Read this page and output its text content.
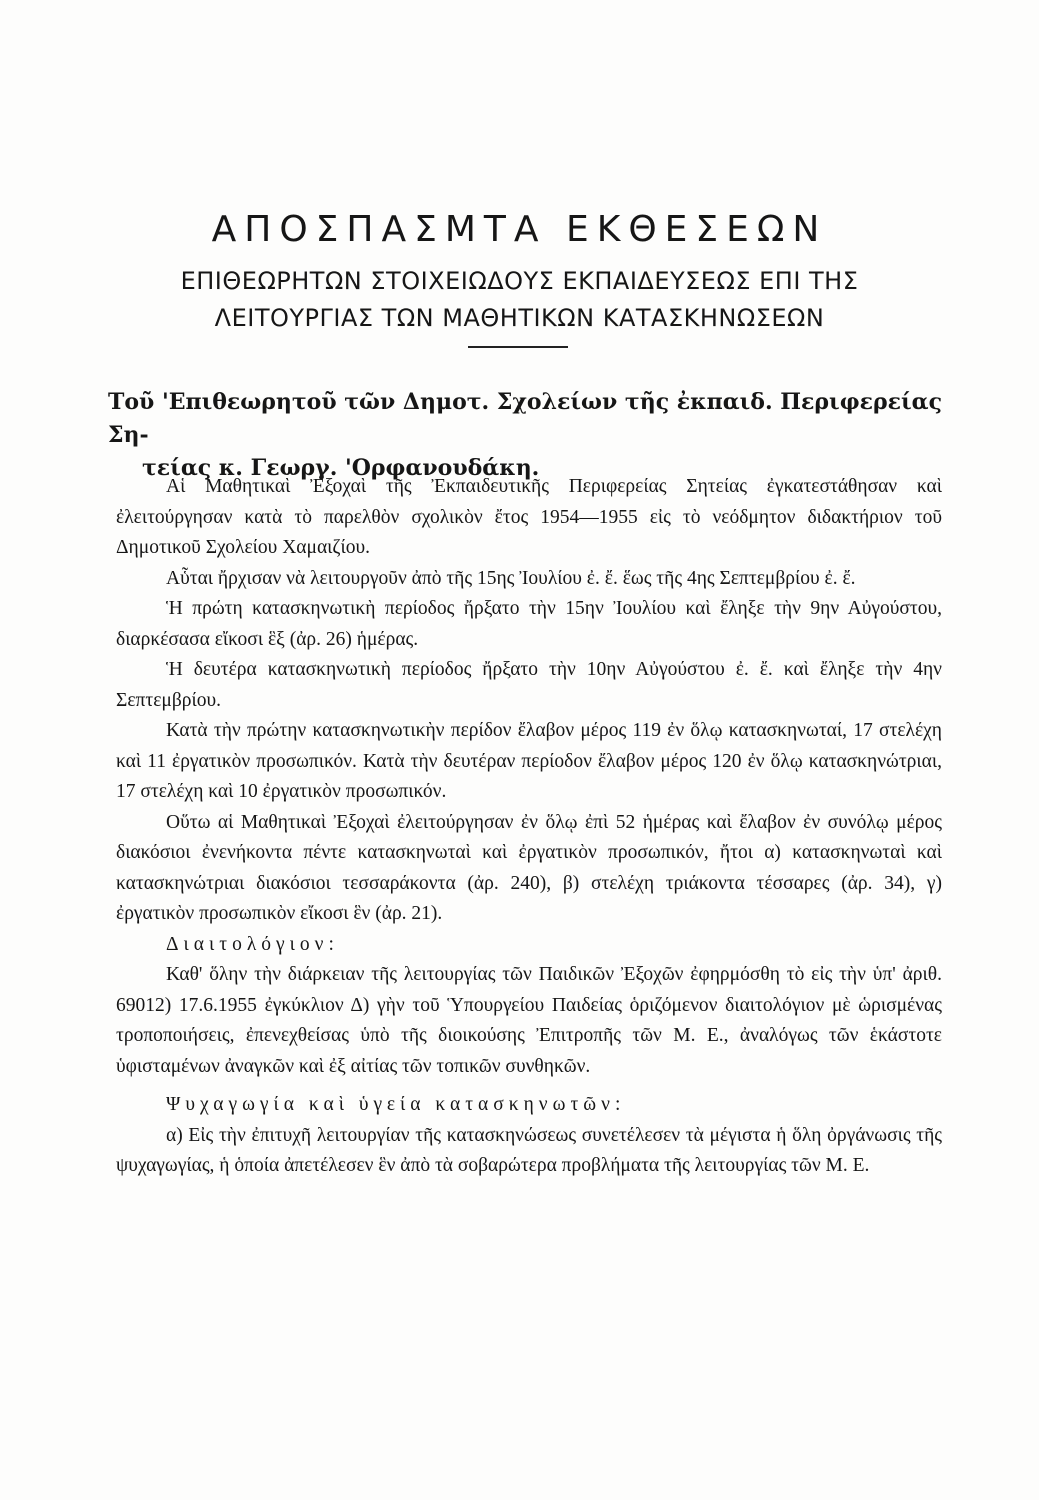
ΑΠΟΣΠΑΣΜΤΑ ΕΚΘΕΣΕΩΝ
ΕΠΙΘΕΩΡΗΤΩΝ ΣΤΟΙΧΕΙΩΔΟΥΣ ΕΚΠΑΙΔΕΥΣΕΩΣ ΕΠΙ ΤΗΣ
ΛΕΙΤΟΥΡΓΙΑΣ ΤΩΝ ΜΑΘΗΤΙΚΩΝ ΚΑΤΑΣΚΗΝΩΣΕΩΝ
Τοῦ 'Επιθεωρητοῦ τῶν Δημοτ. Σχολείων τῆς ἐκπαιδ. Περιφερείας Ση-
τείας κ. Γεωργ. 'Ορφανουδάκη.

Αἱ Μαθητικαὶ Ἐξοχαὶ τῆς Ἐκπαιδευτικῆς Περιφερείας Σητείας ἐγκατεστάθησαν καὶ ἐλειτούργησαν κατὰ τὸ παρελθὸν σχολικὸν ἔτος 1954—1955 εἰς τὸ νεόδμητον διδακτήριον τοῦ Δημοτικοῦ Σχολείου Χαμαιζίου.

Αὗται ἤρχισαν νὰ λειτουργοῦν ἀπὸ τῆς 15ης Ἰουλίου ἐ. ἔ. ἕως τῆς 4ης Σεπτεμβρίου ἐ. ἔ.

Ἡ πρώτη κατασκηνωτικὴ περίοδος ἤρξατο τὴν 15ην Ἰουλίου καὶ ἔληξε τὴν 9ην Αὐγούστου, διαρκέσασα εἴκοσι ἓξ (ἀρ. 26) ἡμέρας.

Ἡ δευτέρα κατασκηνωτικὴ περίοδος ἤρξατο τὴν 10ην Αὐγούστου ἐ. ἔ. καὶ ἔληξε τὴν 4ην Σεπτεμβρίου.

Κατὰ τὴν πρώτην κατασκηνωτικὴν περίδον ἔλαβον μέρος 119 ἐν ὅλῳ κατασκηνωταί, 17 στελέχη καὶ 11 ἐργατικὸν προσωπικόν. Κατὰ τὴν δευτέραν περίοδον ἔλαβον μέρος 120 ἐν ὅλῳ κατασκηνώτριαι, 17 στελέχη καὶ 10 ἐργατικὸν προσωπικόν.

Οὕτω αἱ Μαθητικαὶ Ἐξοχαὶ ἐλειτούργησαν ἐν ὅλῳ ἐπὶ 52 ἡμέρας καὶ ἔλαβον ἐν συνόλῳ μέρος διακόσιοι ἐνενήκοντα πέντε κατασκηνωταὶ καὶ ἐργατικὸν προσωπικόν, ἤτοι α) κατασκηνωταὶ καὶ κατασκηνώτριαι διακόσιοι τεσσαράκοντα (ἀρ. 240), β) στελέχη τριάκοντα τέσσαρες (ἀρ. 34), γ) ἐργατικὸν προσωπικὸν εἴκοσι ἓν (ἀρ. 21).

Διαιτολόγιον:

Καθ' ὅλην τὴν διάρκειαν τῆς λειτουργίας τῶν Παιδικῶν Ἐξοχῶν ἐφηρμόσθη τὸ εἰς τὴν ὑπ' ἀριθ. 69012) 17.6.1955 ἐγκύκλιον Δ) γὴν τοῦ Ὑπουργείου Παιδείας ὁριζόμενον διαιτολόγιον μὲ ὡρισμένας τροποποιήσεις, ἐπενεχθείσας ὑπὸ τῆς διοικούσης Ἐπιτροπῆς τῶν Μ. Ε., ἀναλόγως τῶν ἑκάστοτε ὑφισταμένων ἀναγκῶν καὶ ἐξ αἰτίας τῶν τοπικῶν συνθηκῶν.

Ψυχαγωγία καὶ ὑγεία κατασκηνωτῶν:

α) Εἰς τὴν ἐπιτυχῆ λειτουργίαν τῆς κατασκηνώσεως συνετέλεσεν τὰ μέγιστα ἡ ὅλη ὀργάνωσις τῆς ψυχαγωγίας, ἡ ὁποία ἀπετέλεσεν ἓν ἀπὸ τὰ σοβαρώτερα προβλήματα τῆς λειτουργίας τῶν Μ. Ε.
